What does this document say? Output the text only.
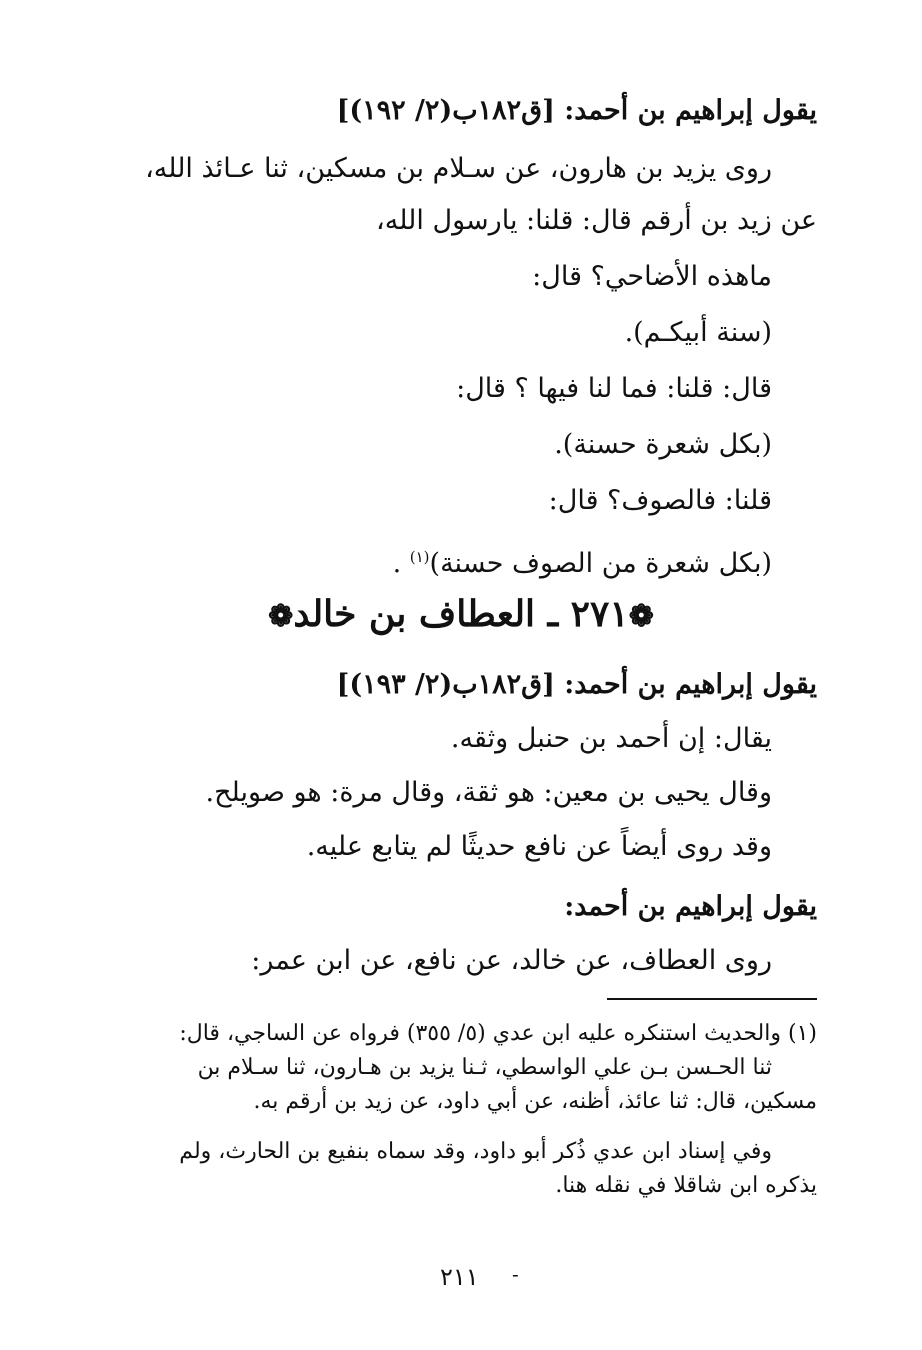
يقول إبراهيم بن أحمد: [ق١٨٢ب(٢/ ١٩٢)]
روى يزيد بن هارون، عن سـلام بن مسكين، ثنا عـائذ الله،
عن زيد بن أرقم قال: قلنا: يارسول الله،
ماهذه الأضاحي؟ قال:
(سنة أبيكـم).
قال: قلنا: فما لنا فيها ؟ قال:
(بكل شعرة حسنة).
قلنا: فالصوف؟ قال:
(بكل شعرة من الصوف حسنة)$^{(١)}$ .
❁٢٧١ ـ العطاف بن خالد❁
يقول إبراهيم بن أحمد: [ق١٨٢ب(٢/ ١٩٣)]
يقال: إن أحمد بن حنبل وثقه.
وقال يحيى بن معين: هو ثقة، وقال مرة: هو صويلح.
وقد روى أيضاً عن نافع حديثًا لم يتابع عليه.
يقول إبراهيم بن أحمد:
روى العطاف، عن خالد، عن نافع، عن ابن عمر:
(١) والحديث استنكره عليه ابن عدي (٥/ ٣٥٥) فرواه عن الساجي، قال:
ثنا الحـسن بـن علي الواسطي، ثـنا يزيد بن هـارون، ثنا سـلام بن
مسكين، قال: ثنا عائذ، أظنه، عن أبي داود، عن زيد بن أرقم به.
وفي إسناد ابن عدي ذُكر أبو داود، وقد سماه بنفيع بن الحارث، ولم
يذكره ابن شاقلا في نقله هنا.
٢١١ -
